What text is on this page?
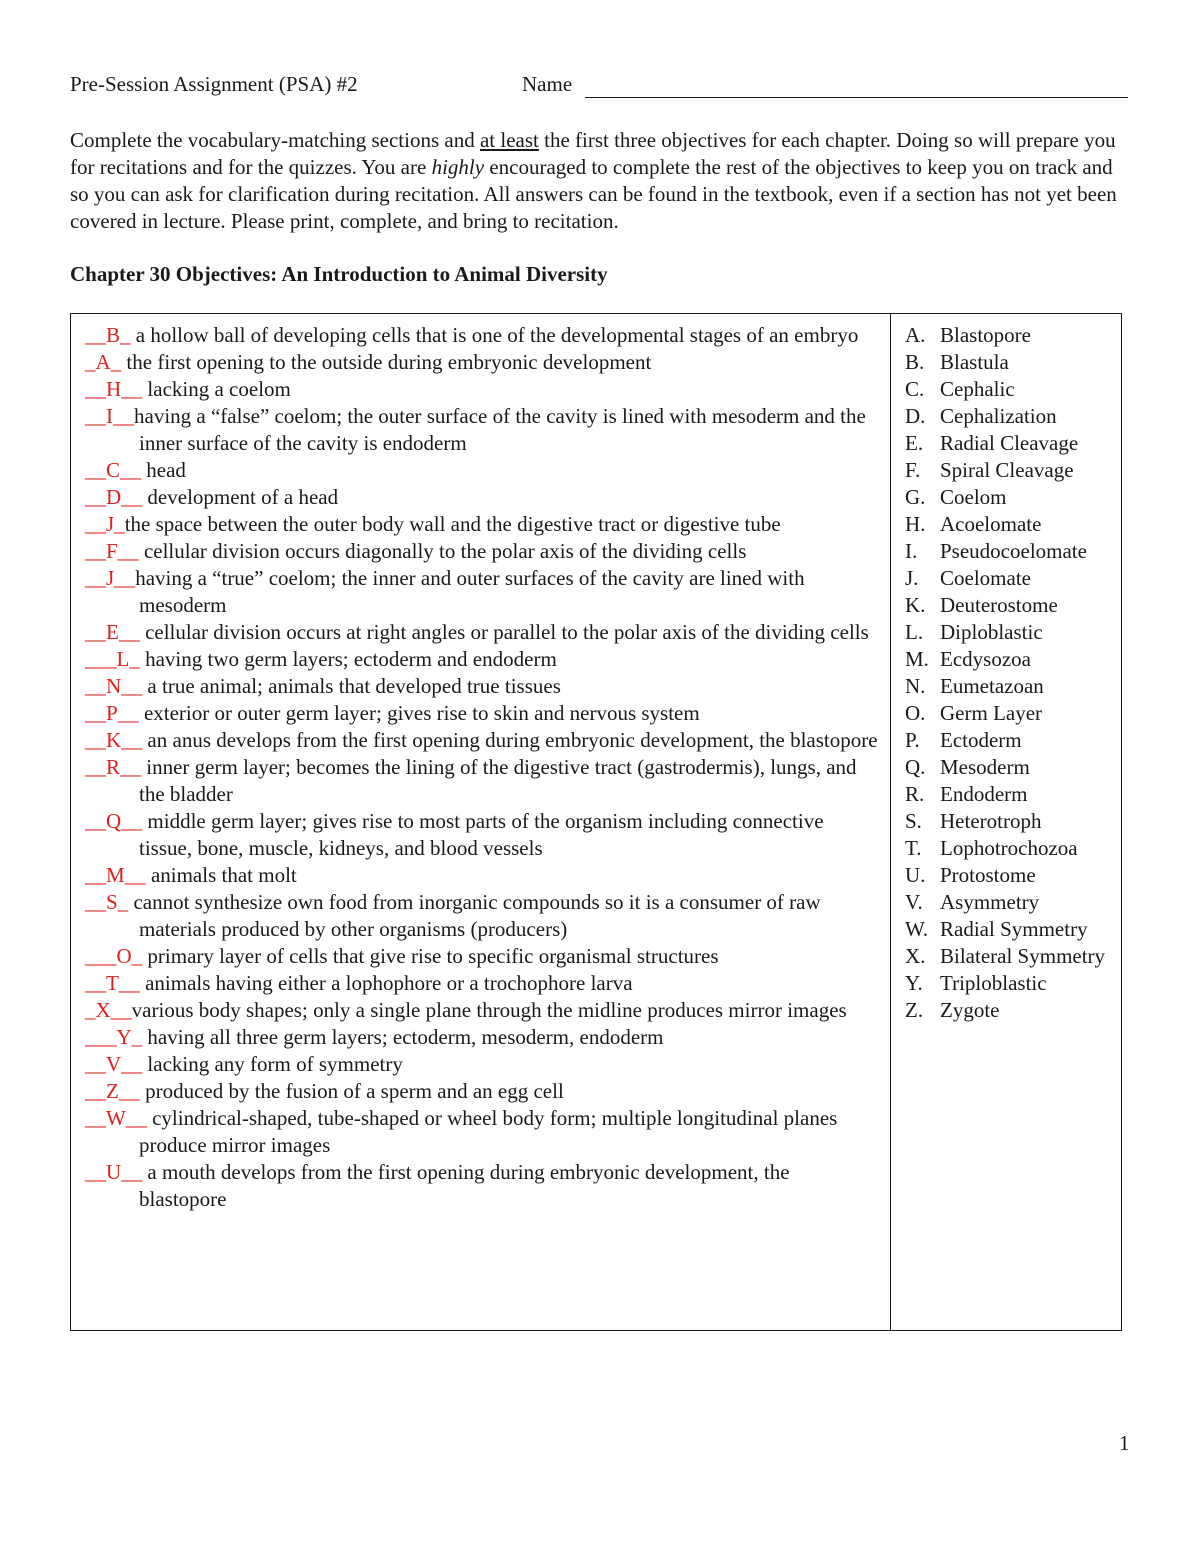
Pre-Session Assignment (PSA) #2	Name
Complete the vocabulary-matching sections and at least the first three objectives for each chapter. Doing so will prepare you for recitations and for the quizzes. You are highly encouraged to complete the rest of the objectives to keep you on track and so you can ask for clarification during recitation. All answers can be found in the textbook, even if a section has not yet been covered in lecture. Please print, complete, and bring to recitation.
Chapter 30 Objectives: An Introduction to Animal Diversity
__B_ a hollow ball of developing cells that is one of the developmental stages of an embryo
_A_ the first opening to the outside during embryonic development
__H__ lacking a coelom
__I__having a “false” coelom; the outer surface of the cavity is lined with mesoderm and the inner surface of the cavity is endoderm
__C__ head
__D__ development of a head
__J_the space between the outer body wall and the digestive tract or digestive tube
__F__ cellular division occurs diagonally to the polar axis of the dividing cells
__J__having a “true” coelom; the inner and outer surfaces of the cavity are lined with mesoderm
__E__ cellular division occurs at right angles or parallel to the polar axis of the dividing cells
___L_ having two germ layers; ectoderm and endoderm
__N__ a true animal; animals that developed true tissues
__P__ exterior or outer germ layer; gives rise to skin and nervous system
__K__ an anus develops from the first opening during embryonic development, the blastopore
__R__ inner germ layer; becomes the lining of the digestive tract (gastrodermis), lungs, and the bladder
__Q__ middle germ layer; gives rise to most parts of the organism including connective tissue, bone, muscle, kidneys, and blood vessels
__M__ animals that molt
__S_ cannot synthesize own food from inorganic compounds so it is a consumer of raw materials produced by other organisms (producers)
___O_ primary layer of cells that give rise to specific organismal structures
__T__ animals having either a lophophore or a trochophore larva
_X__various body shapes; only a single plane through the midline produces mirror images
___Y_ having all three germ layers; ectoderm, mesoderm, endoderm
__V__ lacking any form of symmetry
__Z__ produced by the fusion of a sperm and an egg cell
__W__ cylindrical-shaped, tube-shaped or wheel body form; multiple longitudinal planes produce mirror images
__U__ a mouth develops from the first opening during embryonic development, the blastopore
A. Blastopore
B. Blastula
C. Cephalic
D. Cephalization
E. Radial Cleavage
F. Spiral Cleavage
G. Coelom
H. Acoelomate
I.	Pseudocoelomate
J.	Coelomate
K. Deuterostome
L. Diploblastic
M. Ecdysozoa
N. Eumetazoan
O. Germ Layer
P. Ectoderm
Q. Mesoderm
R. Endoderm
S. Heterotroph
T. Lophotrochozoa
U. Protostome
V. Asymmetry
W. Radial Symmetry
X. Bilateral Symmetry
Y. Triploblastic
Z. Zygote
1
